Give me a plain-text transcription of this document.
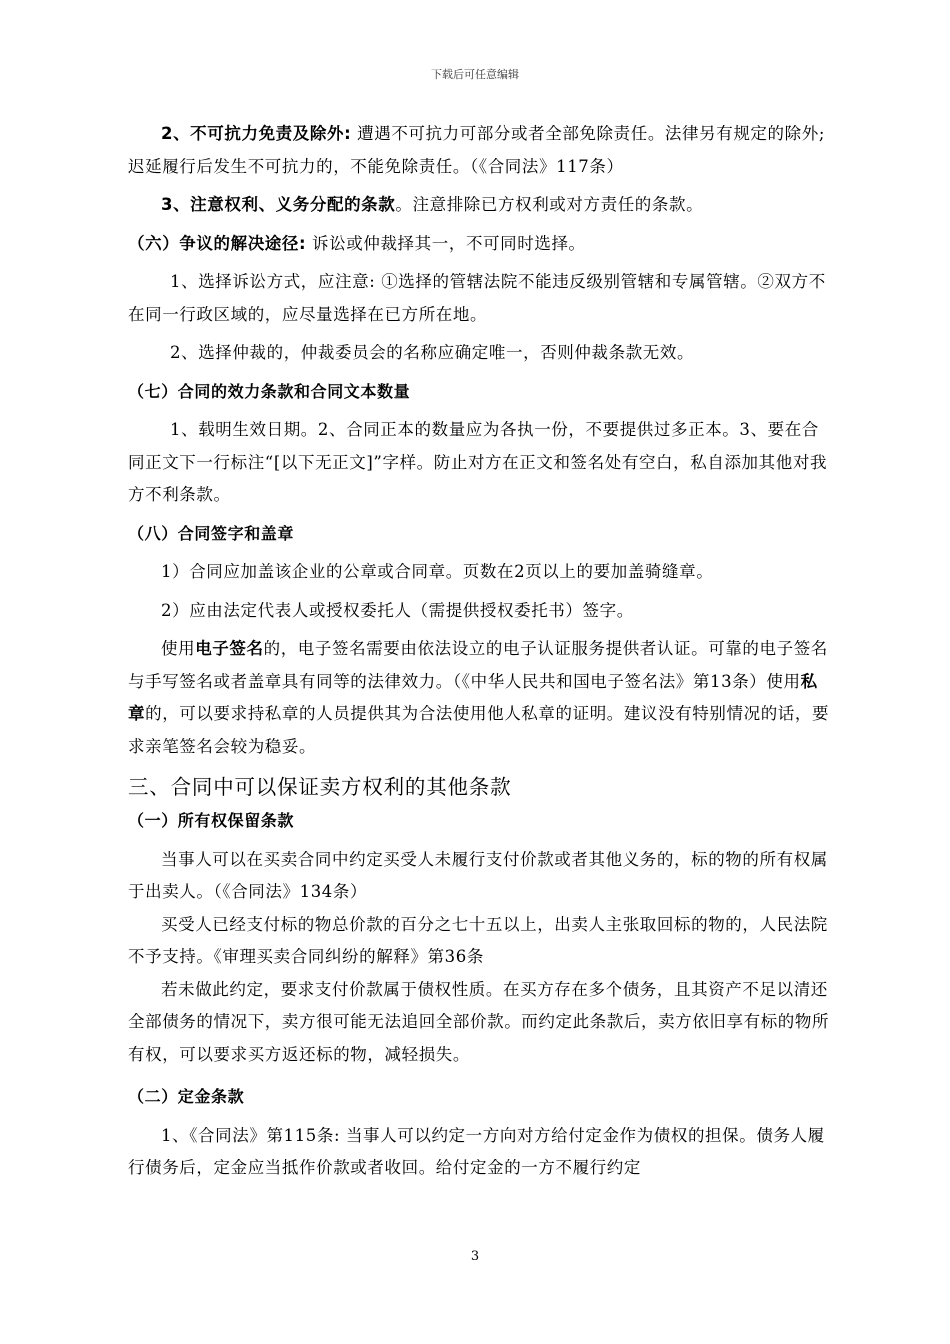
下载后可任意编辑

2、不可抗力免责及除外: 遭遇不可抗力可部分或者全部免除责任。法律另有规定的除外; 迟延履行后发生不可抗力的，不能免除责任。（《合同法》117条）

3、注意权利、义务分配的条款。注意排除已方权利或对方责任的条款。

（六）争议的解决途径: 诉讼或仲裁择其一，不可同时选择。

1、选择诉讼方式，应注意: ①选择的管辖法院不能违反级别管辖和专属管辖。②双方不在同一行政区域的，应尽量选择在已方所在地。

2、选择仲裁的，仲裁委员会的名称应确定唯一，否则仲裁条款无效。

（七）合同的效力条款和合同文本数量

1、载明生效日期。2、合同正本的数量应为各执一份，不要提供过多正本。3、要在合同正文下一行标注“[以下无正文]”字样。防止对方在正文和签名处有空白，私自添加其他对我方不利条款。

（八）合同签字和盖章

1）合同应加盖该企业的公章或合同章。页数在2页以上的要加盖骑缝章。

2）应由法定代表人或授权委托人（需提供授权委托书）签字。

使用电子签名的，电子签名需要由依法设立的电子认证服务提供者认证。可靠的电子签名与手写签名或者盖章具有同等的法律效力。（《中华人民共和国电子签名法》第13条）使用私章的，可以要求持私章的人员提供其为合法使用他人私章的证明。建议没有特别情况的话，要求亲笔签名会较为稳妥。

三、合同中可以保证卖方权利的其他条款

（一）所有权保留条款

当事人可以在买卖合同中约定买受人未履行支付价款或者其他义务的，标的物的所有权属于出卖人。（《合同法》134条）

买受人已经支付标的物总价款的百分之七十五以上，出卖人主张取回标的物的，人民法院不予支持。《审理买卖合同纠纷的解释》第36条

若未做此约定，要求支付价款属于债权性质。在买方存在多个债务，且其资产不足以清还全部债务的情况下，卖方很可能无法追回全部价款。而约定此条款后，卖方依旧享有标的物所有权，可以要求买方返还标的物，减轻损失。

（二）定金条款

1、《合同法》第115条: 当事人可以约定一方向对方给付定金作为债权的担保。债务人履行债务后，定金应当抵作价款或者收回。给付定金的一方不履行约定

3
